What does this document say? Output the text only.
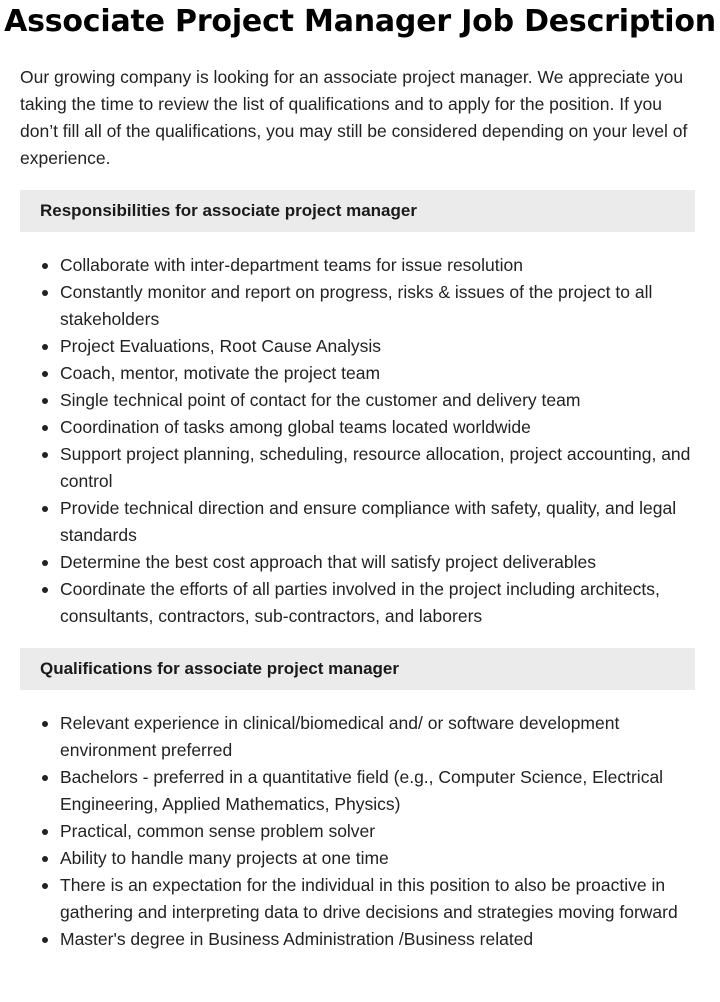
Associate Project Manager Job Description

Our growing company is looking for an associate project manager. We appreciate you taking the time to review the list of qualifications and to apply for the position. If you don’t fill all of the qualifications, you may still be considered depending on your level of experience.

Responsibilities for associate project manager
Collaborate with inter-department teams for issue resolution
Constantly monitor and report on progress, risks & issues of the project to all stakeholders
Project Evaluations, Root Cause Analysis
Coach, mentor, motivate the project team
Single technical point of contact for the customer and delivery team
Coordination of tasks among global teams located worldwide
Support project planning, scheduling, resource allocation, project accounting, and control
Provide technical direction and ensure compliance with safety, quality, and legal standards
Determine the best cost approach that will satisfy project deliverables
Coordinate the efforts of all parties involved in the project including architects, consultants, contractors, sub-contractors, and laborers
Qualifications for associate project manager
Relevant experience in clinical/biomedical and/ or software development environment preferred
Bachelors - preferred in a quantitative field (e.g., Computer Science, Electrical Engineering, Applied Mathematics, Physics)
Practical, common sense problem solver
Ability to handle many projects at one time
There is an expectation for the individual in this position to also be proactive in gathering and interpreting data to drive decisions and strategies moving forward
Master's degree in Business Administration /Business related
